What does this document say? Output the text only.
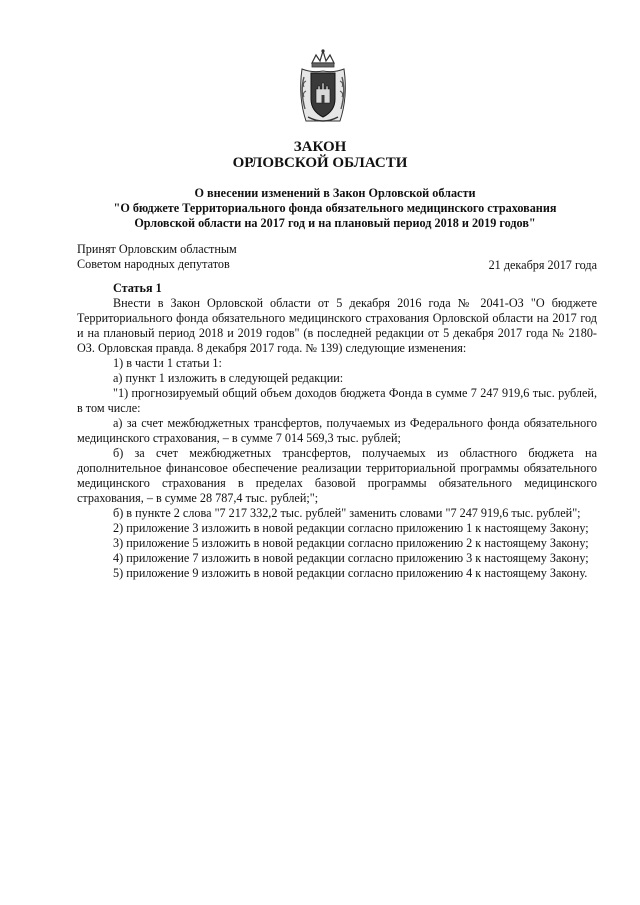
ЗАКОН
ОРЛОВСКОЙ ОБЛАСТИ
О внесении изменений в Закон Орловской области
"О бюджете Территориального фонда обязательного медицинского страхования
Орловской области на 2017 год и на плановый период 2018 и 2019 годов"
Принят Орловским областным
Советом народных депутатов	21 декабря 2017 года
Статья 1

Внести в Закон Орловской области от 5 декабря 2016 года № 2041-ОЗ "О бюджете Территориального фонда обязательного медицинского страхования Орловской области на 2017 год и на плановый период 2018 и 2019 годов" (в последней редакции от 5 декабря 2017 года № 2180-ОЗ. Орловская правда. 8 декабря 2017 года. № 139) следующие изменения:

1) в части 1 статьи 1:

а) пункт 1 изложить в следующей редакции:

"1) прогнозируемый общий объем доходов бюджета Фонда в сумме 7 247 919,6 тыс. рублей, в том числе:

а) за счет межбюджетных трансфертов, получаемых из Федерального фонда обязательного медицинского страхования, – в сумме 7 014 569,3 тыс. рублей;

б) за счет межбюджетных трансфертов, получаемых из областного бюджета на дополнительное финансовое обеспечение реализации территориальной программы обязательного медицинского страхования в пределах базовой программы обязательного медицинского страхования, – в сумме 28 787,4 тыс. рублей;";

б) в пункте 2 слова "7 217 332,2 тыс. рублей" заменить словами "7 247 919,6 тыс. рублей";

2) приложение 3 изложить в новой редакции согласно приложению 1 к настоящему Закону;

3) приложение 5 изложить в новой редакции согласно приложению 2 к настоящему Закону;

4) приложение 7 изложить в новой редакции согласно приложению 3 к настоящему Закону;

5) приложение 9 изложить в новой редакции согласно приложению 4 к настоящему Закону.
